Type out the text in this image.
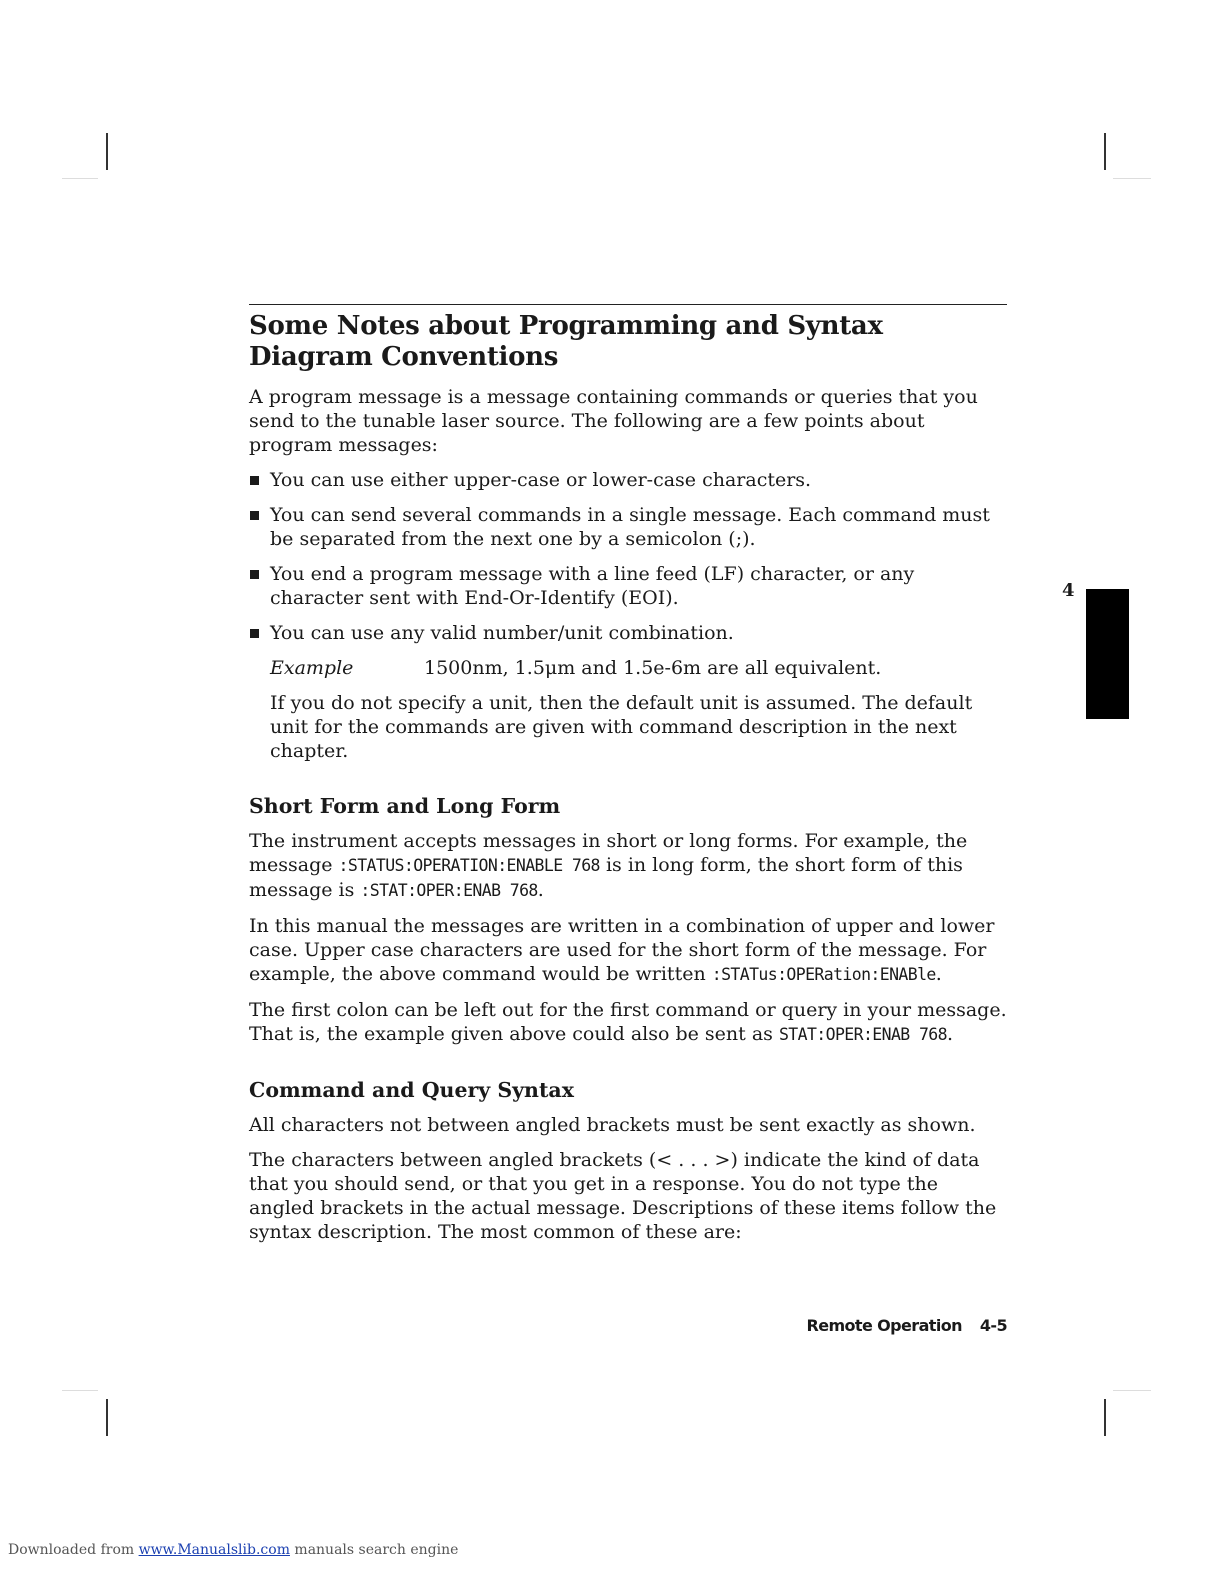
Some Notes about Programming and Syntax Diagram Conventions

A program message is a message containing commands or queries that you send to the tunable laser source. The following are a few points about program messages:

You can use either upper-case or lower-case characters.
You can send several commands in a single message. Each command must be separated from the next one by a semicolon (;).
You end a program message with a line feed (LF) character, or any character sent with End-Or-Identify (EOI).
You can use any valid number/unit combination.
Example	1500nm, 1.5μm and 1.5e-6m are all equivalent.

If you do not specify a unit, then the default unit is assumed. The default unit for the commands are given with command description in the next chapter.

Short Form and Long Form

The instrument accepts messages in short or long forms. For example, the message :STATUS:OPERATION:ENABLE 768 is in long form, the short form of this message is :STAT:OPER:ENAB 768.

In this manual the messages are written in a combination of upper and lower case. Upper case characters are used for the short form of the message. For example, the above command would be written :STATus:OPERation:ENABle.

The first colon can be left out for the first command or query in your message. That is, the example given above could also be sent as STAT:OPER:ENAB 768.

Command and Query Syntax

All characters not between angled brackets must be sent exactly as shown.

The characters between angled brackets (< . . . >) indicate the kind of data that you should send, or that you get in a response. You do not type the angled brackets in the actual message. Descriptions of these items follow the syntax description. The most common of these are:

4
Remote Operation 4-5
Downloaded from www.Manualslib.com manuals search engine
